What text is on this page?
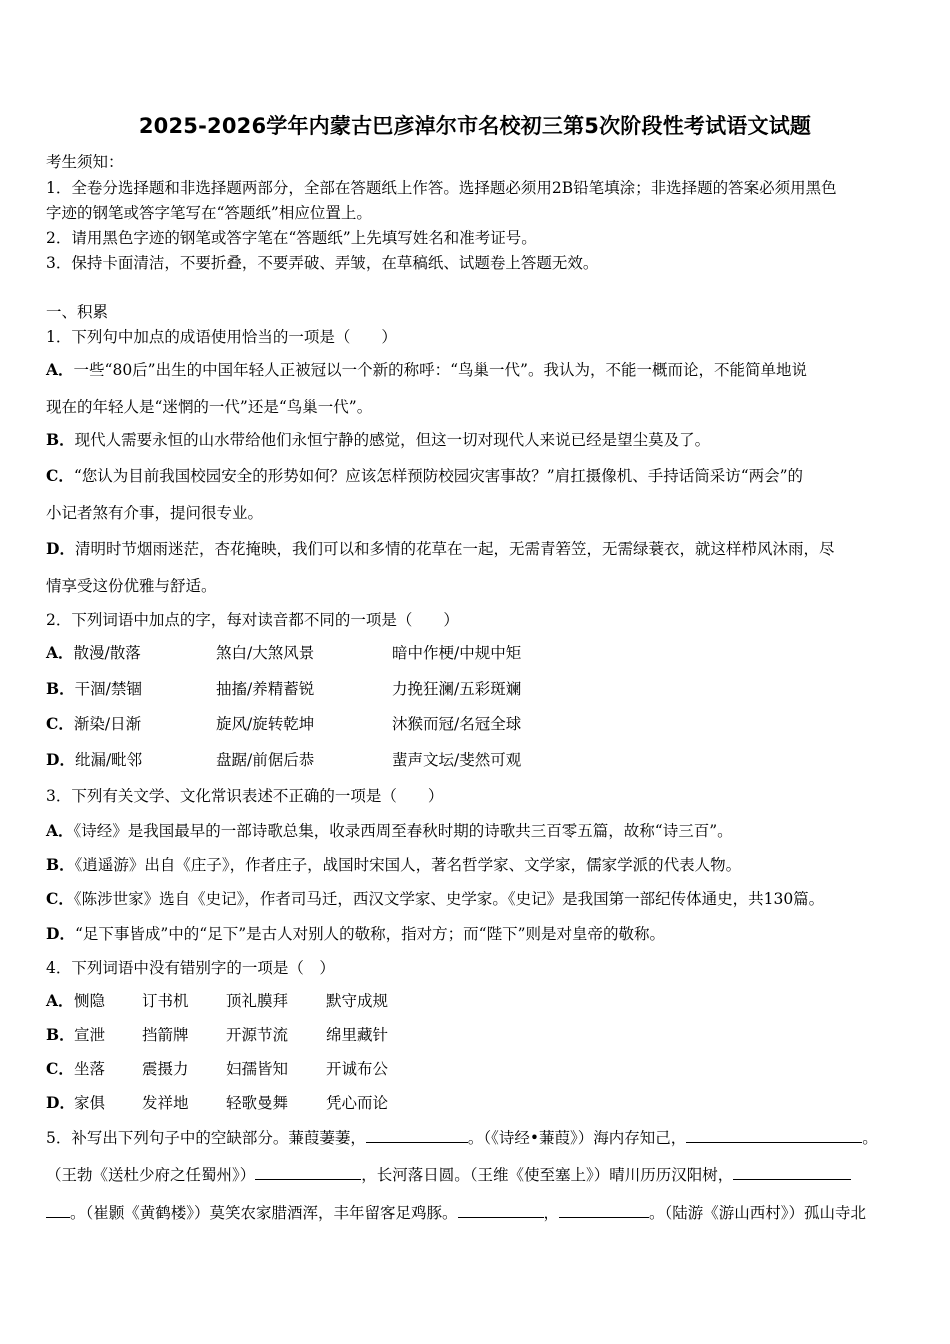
2025-2026学年内蒙古巴彦淖尔市名校初三第5次阶段性考试语文试题
考生须知：
1．全卷分选择题和非选择题两部分，全部在答题纸上作答。选择题必须用2B铅笔填涂；非选择题的答案必须用黑色
字迹的钢笔或答字笔写在“答题纸”相应位置上。
2．请用黑色字迹的钢笔或答字笔在“答题纸”上先填写姓名和准考证号。
3．保持卡面清洁，不要折叠，不要弄破、弄皱，在草稿纸、试题卷上答题无效。
一、积累
1．下列句中加点的成语使用恰当的一项是（　　）
A．一些“80后”出生的中国年轻人正被冠以一个新的称呼：“鸟巢一代”。我认为，不能一概而论，不能简单地说
现在的年轻人是“迷惘的一代”还是“鸟巢一代”。
B．现代人需要永恒的山水带给他们永恒宁静的感觉，但这一切对现代人来说已经是望尘莫及了。
C．“您认为目前我国校园安全的形势如何？应该怎样预防校园灾害事故？”肩扛摄像机、手持话筒采访“两会”的
小记者煞有介事，提问很专业。
D．清明时节烟雨迷茫，杏花掩映，我们可以和多情的花草在一起，无需青箬笠，无需绿蓑衣，就这样栉风沐雨，尽
情享受这份优雅与舒适。
2．下列词语中加点的字，每对读音都不同的一项是（　　）
A．散漫/散落	煞白/大煞风景	暗中作梗/中规中矩
B．干涸/禁锢	抽搐/养精蓄锐	力挽狂澜/五彩斑斓
C．渐染/日渐	旋风/旋转乾坤	沐猴而冠/名冠全球
D．纰漏/毗邻	盘踞/前倨后恭	蜚声文坛/斐然可观
3．下列有关文学、文化常识表述不正确的一项是（　　）
A．《诗经》是我国最早的一部诗歌总集，收录西周至春秋时期的诗歌共三百零五篇，故称“诗三百”。
B．《逍遥游》出自《庄子》，作者庄子，战国时宋国人，著名哲学家、文学家，儒家学派的代表人物。
C．《陈涉世家》选自《史记》，作者司马迁，西汉文学家、史学家。《史记》是我国第一部纪传体通史，共130篇。
D．“足下事皆成”中的“足下”是古人对别人的敬称，指对方；而“陛下”则是对皇帝的敬称。
4．下列词语中没有错别字的一项是（　）
A． 恻隐 订书机 顶礼膜拜 默守成规
B． 宣泄 挡箭牌 开源节流 绵里藏针
C． 坐落 震摄力 妇孺皆知 开诚布公
D． 家俱 发祥地 轻歌曼舞 凭心而论
5．补写出下列句子中的空缺部分。蒹葭萋萋，	。（《诗经•蒹葭》）海内存知己，	。
（王勃《送杜少府之任蜀州》）	，长河落日圆。（王维《使至塞上》）晴川历历汉阳树，
。（崔颢《黄鹤楼》）莫笑农家腊酒浑，丰年留客足鸡豚。	，	。（陆游《游山西村》）孤山寺北
